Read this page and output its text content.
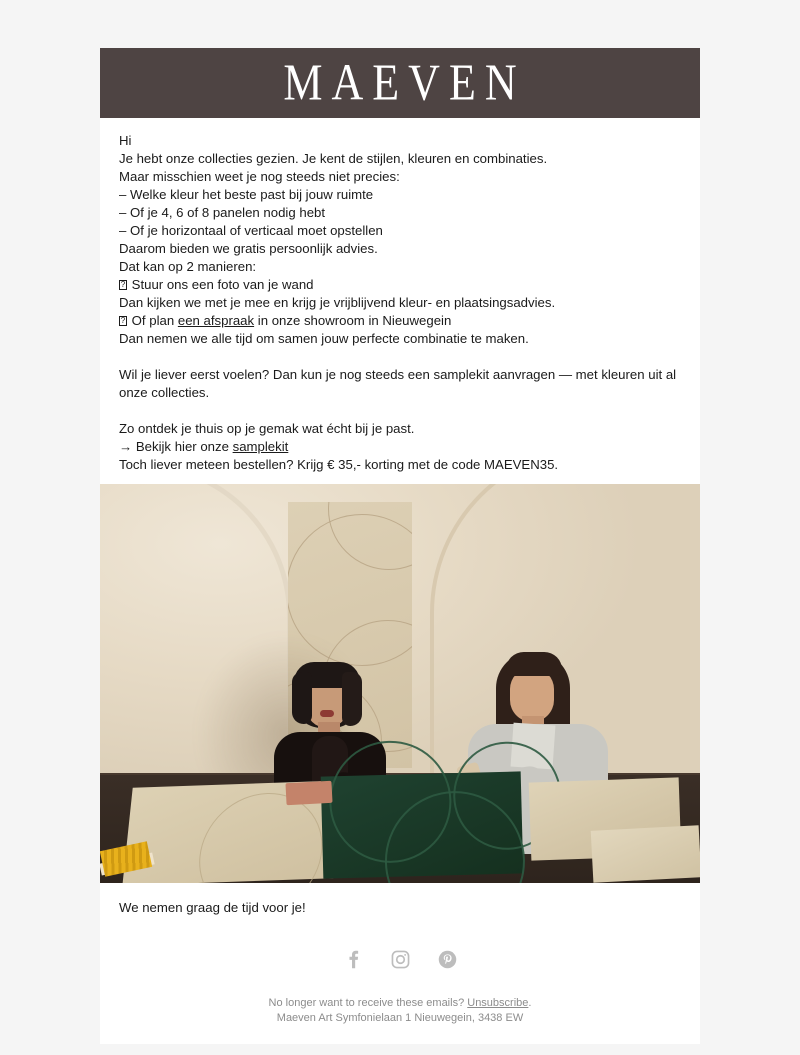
MAEVEN
Hi
Je hebt onze collecties gezien. Je kent de stijlen, kleuren en combinaties.
Maar misschien weet je nog steeds niet precies:
– Welke kleur het beste past bij jouw ruimte
– Of je 4, 6 of 8 panelen nodig hebt
– Of je horizontaal of verticaal moet opstellen
Daarom bieden we gratis persoonlijk advies.
Dat kan op 2 manieren:
? Stuur ons een foto van je wand
Dan kijken we met je mee en krijg je vrijblijvend kleur- en plaatsingsadvies.
? Of plan een afspraak in onze showroom in Nieuwegein
Dan nemen we alle tijd om samen jouw perfecte combinatie te maken.
Wil je liever eerst voelen? Dan kun je nog steeds een samplekit aanvragen — met kleuren uit al onze collecties.
Zo ontdek je thuis op je gemak wat écht bij je past.
→ Bekijk hier onze samplekit
Toch liever meteen bestellen? Krijg € 35,- korting met de code MAEVEN35.
We nemen graag de tijd voor je!
No longer want to receive these emails? Unsubscribe.
Maeven Art Symfonielaan 1 Nieuwegein, 3438 EW
